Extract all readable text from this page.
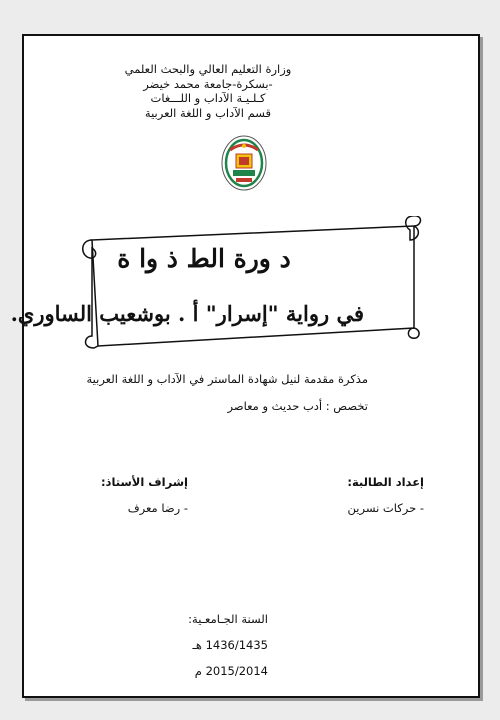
وزارة التعليم العالي والبحث العلمي
-بسكرة-جامعة محمد خيضر
كـلـيـة الآداب و اللـــغات
قسم الآداب و اللغة العربية
د ورة الط ذ وا ة
في رواية "إسرار" أ . بوشعيب الساوري.
مذكرة مقدمة لنيل شهادة الماستر في الآداب و اللغة العربية
تخصص : أدب حديث و معاصر
إعداد الطالبة:
- حركات نسرين
إشراف الأستاذ:
- رضا معرف
السنة الجـامعـية:
1436/1435 هـ
2015/2014 م
